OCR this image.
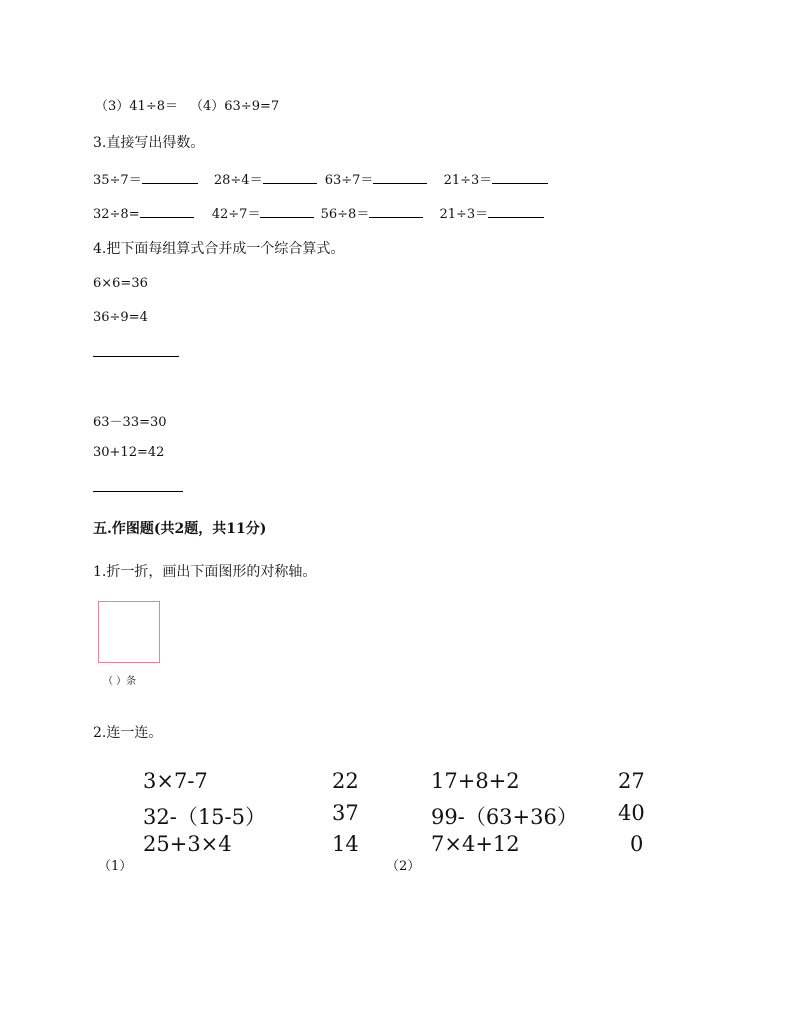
（3）41÷8＝ （4）63÷9=7
3.直接写出得数。
35÷7＝	28÷4＝	63÷7＝	21÷3＝
32÷8=	42÷7＝	56÷8＝	21÷3＝
4.把下面每组算式合并成一个综合算式。
6×6=36
36÷9=4
63－33=30
30+12=42
五.作图题(共2题，共11分)
1.折一折，画出下面图形的对称轴。
（ ）条
2.连一连。
3×7-7
32-（15-5）
25+3×4
22
37
14
（1）
17+8+2
99-（63+36）
7×4+12
27
40
0
（2）
